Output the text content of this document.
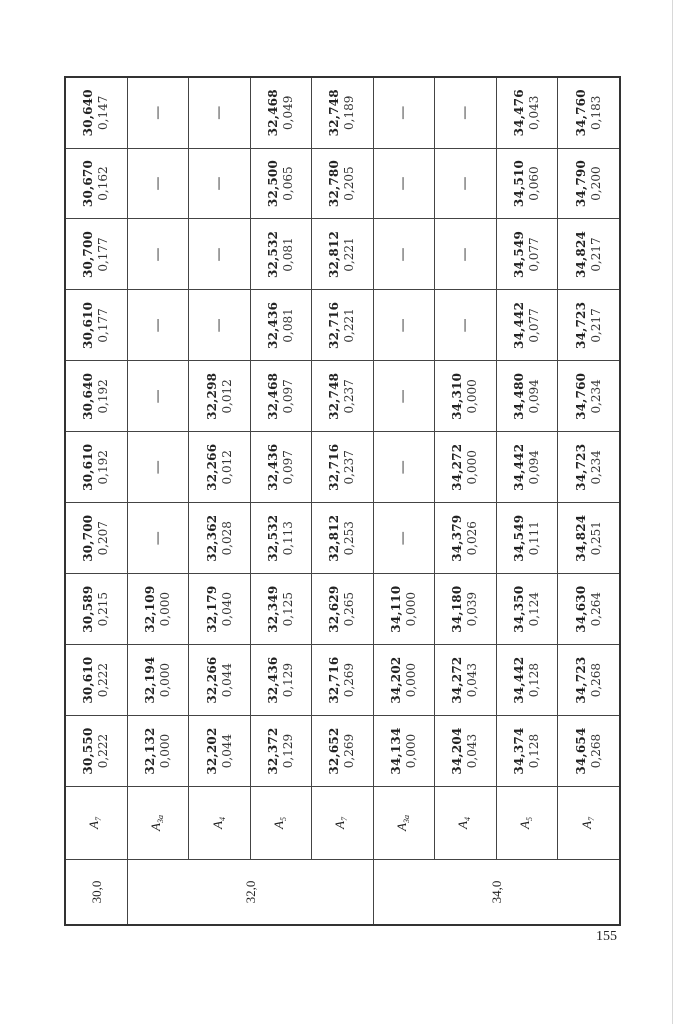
30,0	$A_7$	30,550 0,222	30,610 0,222	30,589 0,215	30,700 0,207	30,610 0,192	30,640 0,192	30,610 0,177	30,700 0,177	30,670 0,162	30,640 0,147

32,0	$A_{3a}$	32,132 0,000	32,194 0,000	32,109 0,000	—	—	—	—	—	—	—
	$A_4$	32,202 0,044	32,266 0,044	32,179 0,040	32,362 0,028	32,266 0,012	32,298 0,012	—	—	—	—
	$A_5$	32,372 0,129	32,436 0,129	32,349 0,125	32,532 0,113	32,436 0,097	32,468 0,097	32,436 0,081	32,532 0,081	32,500 0,065	32,468 0,049

	$A_7$	32,652 0,269	32,716 0,269	32,629 0,265	32,812 0,253	32,716 0,237	32,748 0,237	32,716 0,221	32,812 0,221	32,780 0,205	32,748 0,189

34,0	$A_{3a}$	34,134 0,000	34,202 0,000	34,110 0,000	—	—	—	—	—	—	—
	$A_4$	34,204 0,043	34,272 0,043	34,180 0,039	34,379 0,026	34,272 0,000	34,310 0,000	—	—	—	—
	$A_5$	34,374 0,128	34,442 0,128	34,350 0,124	34,549 0,111	34,442 0,094	34,480 0,094	34,442 0,077	34,549 0,077	34,510 0,060	34,476 0,043

	$A_7$	34,654 0,268	34,723 0,268	34,630 0,264	34,824 0,251	34,723 0,234	34,760 0,234	34,723 0,217	34,824 0,217	34,790 0,200	34,760 0,183
155
